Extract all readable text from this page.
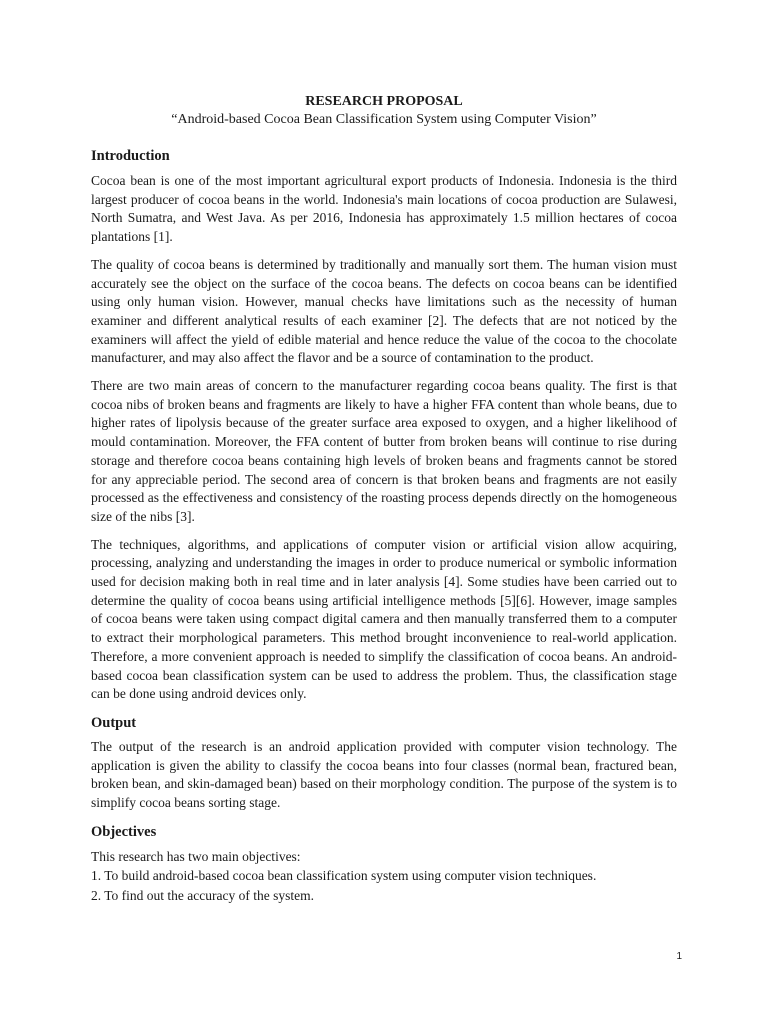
RESEARCH PROPOSAL
“Android-based Cocoa Bean Classification System using Computer Vision”
Introduction

Cocoa bean is one of the most important agricultural export products of Indonesia. Indonesia is the third largest producer of cocoa beans in the world. Indonesia's main locations of cocoa production are Sulawesi, North Sumatra, and West Java. As per 2016, Indonesia has approximately 1.5 million hectares of cocoa plantations [1].

The quality of cocoa beans is determined by traditionally and manually sort them. The human vision must accurately see the object on the surface of the cocoa beans. The defects on cocoa beans can be identified using only human vision. However, manual checks have limitations such as the necessity of human examiner and different analytical results of each examiner [2]. The defects that are not noticed by the examiners will affect the yield of edible material and hence reduce the value of the cocoa to the chocolate manufacturer, and may also affect the flavor and be a source of contamination to the product.

There are two main areas of concern to the manufacturer regarding cocoa beans quality. The first is that cocoa nibs of broken beans and fragments are likely to have a higher FFA content than whole beans, due to higher rates of lipolysis because of the greater surface area exposed to oxygen, and a higher likelihood of mould contamination. Moreover, the FFA content of butter from broken beans will continue to rise during storage and therefore cocoa beans containing high levels of broken beans and fragments cannot be stored for any appreciable period. The second area of concern is that broken beans and fragments are not easily processed as the effectiveness and consistency of the roasting process depends directly on the homogeneous size of the nibs [3].

The techniques, algorithms, and applications of computer vision or artificial vision allow acquiring, processing, analyzing and understanding the images in order to produce numerical or symbolic information used for decision making both in real time and in later analysis [4]. Some studies have been carried out to determine the quality of cocoa beans using artificial intelligence methods [5][6]. However, image samples of cocoa beans were taken using compact digital camera and then manually transferred them to a computer to extract their morphological parameters. This method brought inconvenience to real-world application. Therefore, a more convenient approach is needed to simplify the classification of cocoa beans. An android-based cocoa bean classification system can be used to address the problem. Thus, the classification stage can be done using android devices only.

Output

The output of the research is an android application provided with computer vision technology. The application is given the ability to classify the cocoa beans into four classes (normal bean, fractured bean, broken bean, and skin-damaged bean) based on their morphology condition. The purpose of the system is to simplify cocoa beans sorting stage.

Objectives
This research has two main objectives:
1. To build android-based cocoa bean classification system using computer vision techniques.
2. To find out the accuracy of the system.
1
